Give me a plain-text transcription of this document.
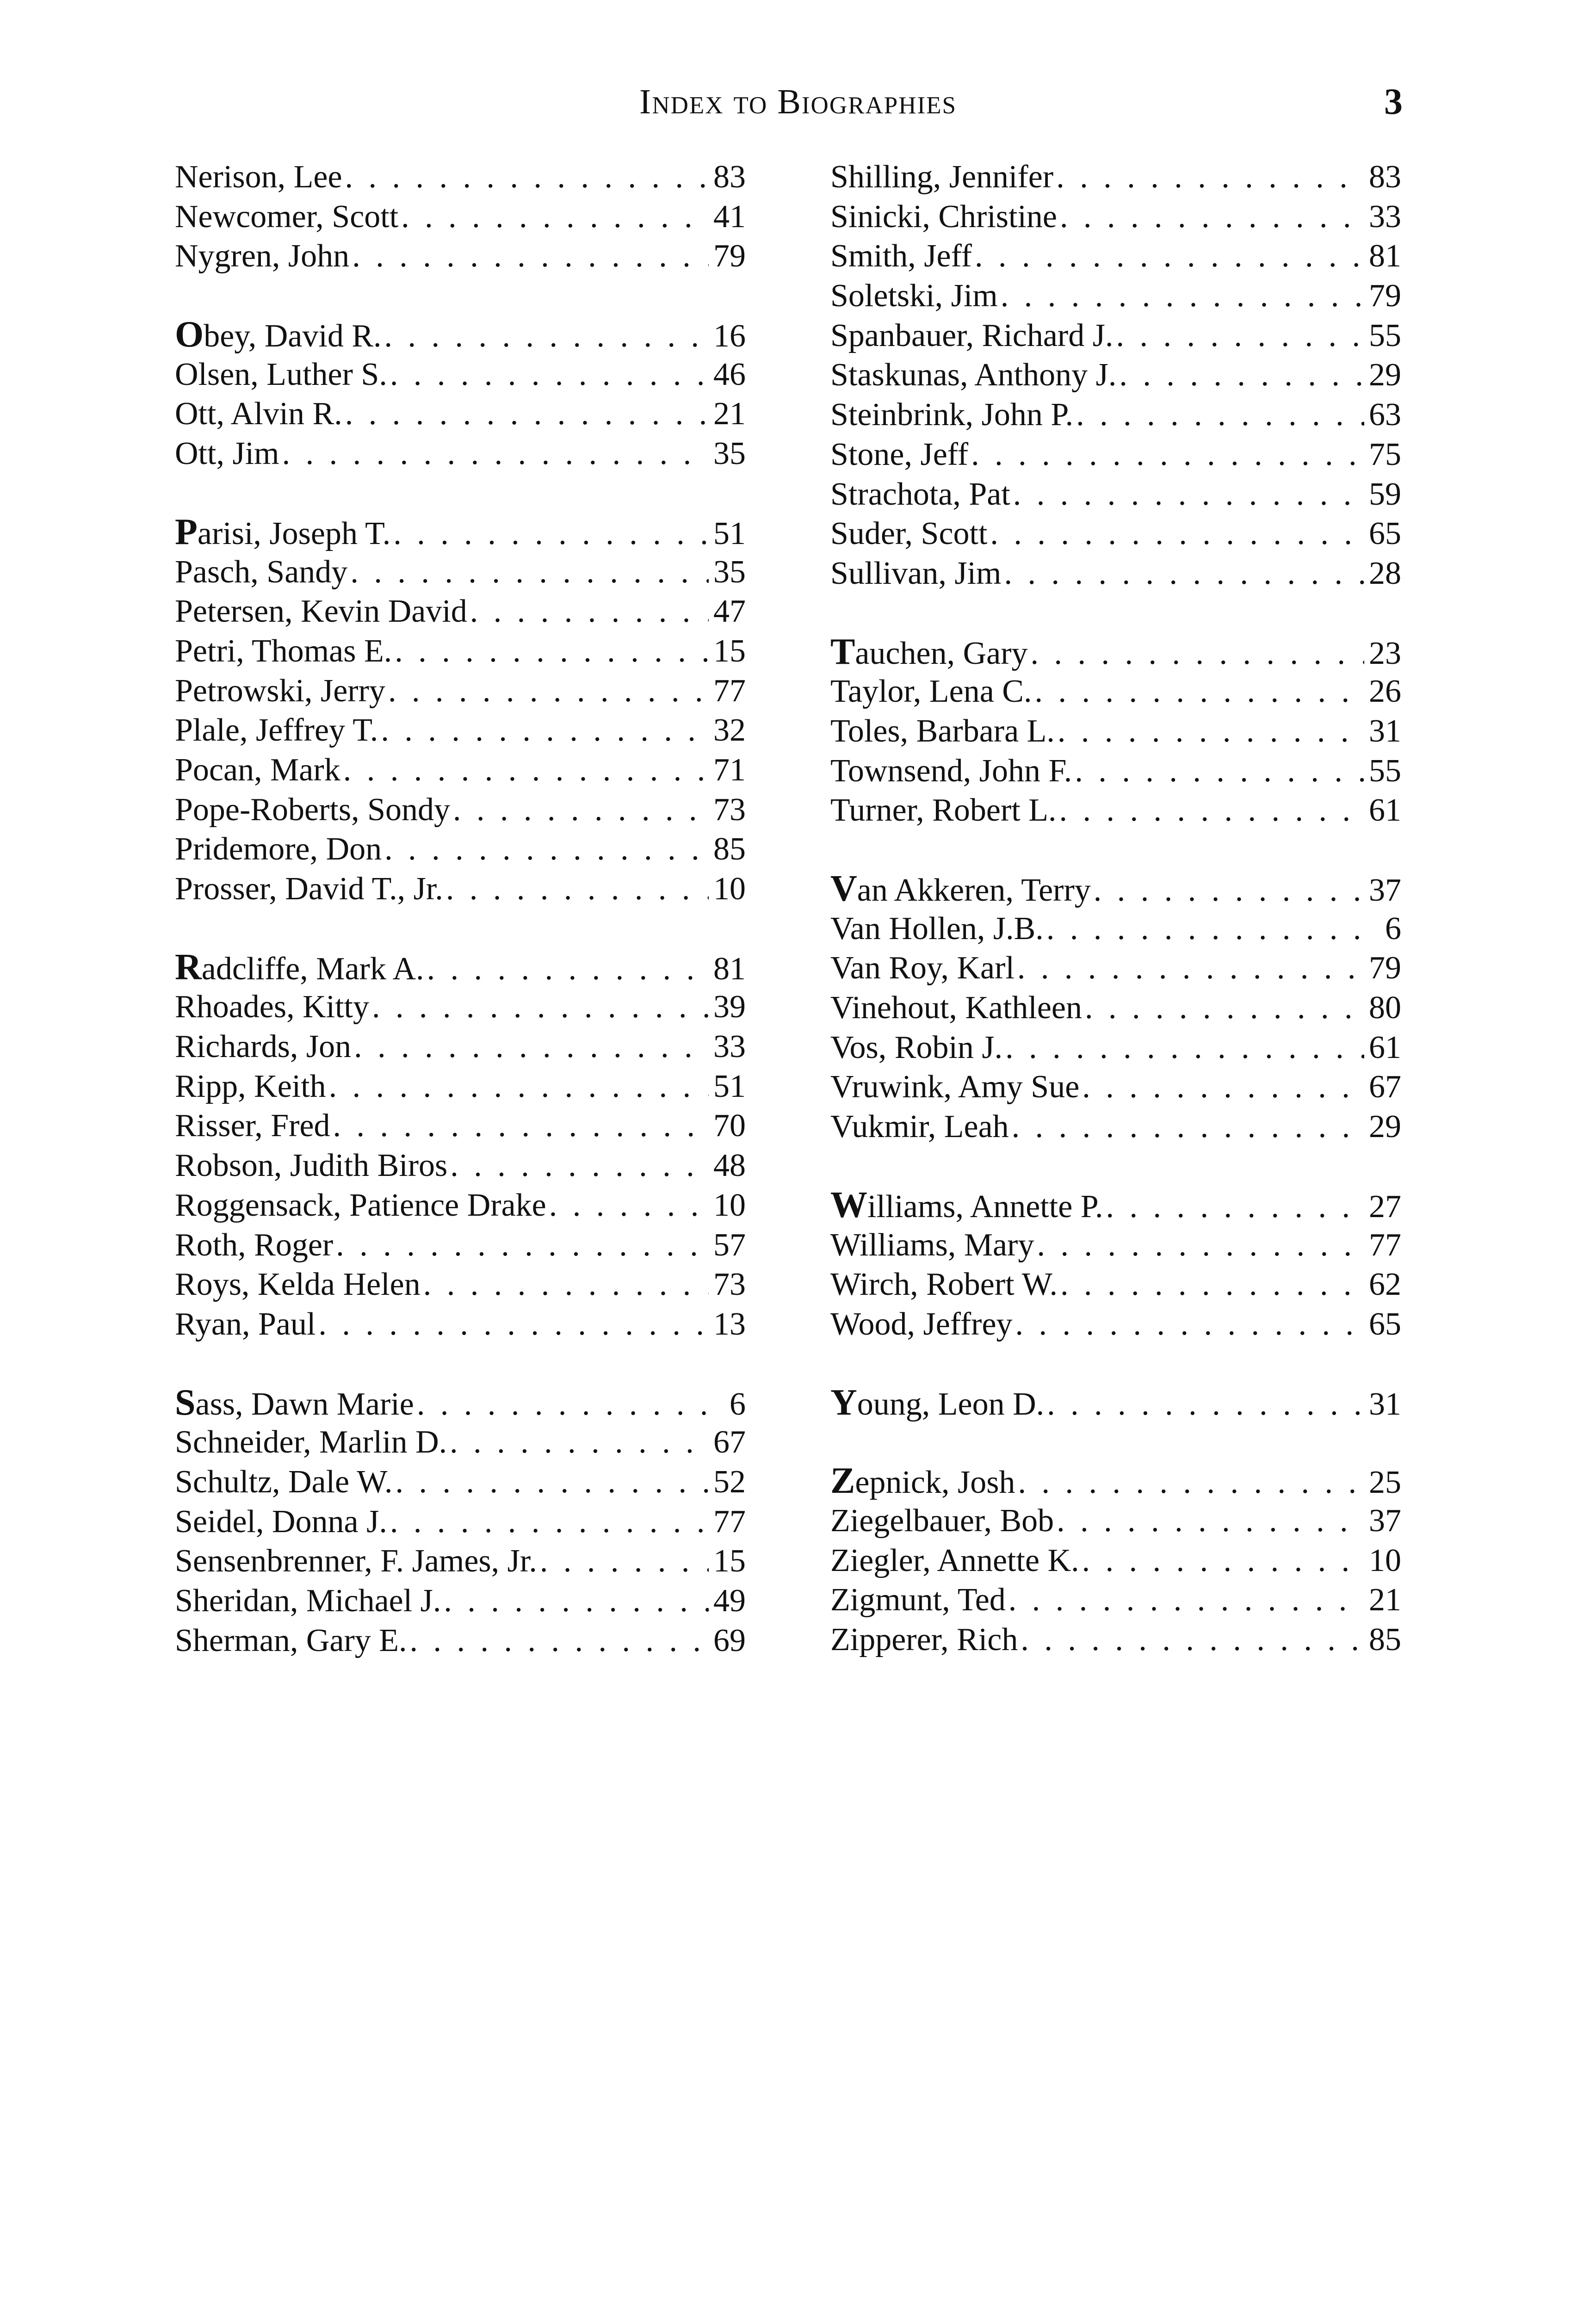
Index to Biographies	3
Nerison, Lee . . .	83
Newcomer, Scott . . .	41
Nygren, John . . .	79
Obey, David R. . . .	16
Olsen, Luther S. . . .	46
Ott, Alvin R. . . .	21
Ott, Jim . . .	35
Parisi, Joseph T. . . .	51
Pasch, Sandy . . .	35
Petersen, Kevin David . . .	47
Petri, Thomas E. . . .	15
Petrowski, Jerry . . .	77
Plale, Jeffrey T. . . .	32
Pocan, Mark . . .	71
Pope-Roberts, Sondy . . .	73
Pridemore, Don . . .	85
Prosser, David T., Jr. . . .	10
Radcliffe, Mark A. . . .	81
Rhoades, Kitty . . .	39
Richards, Jon . . .	33
Ripp, Keith . . .	51
Risser, Fred . . .	70
Robson, Judith Biros . . .	48
Roggensack, Patience Drake . . .	10
Roth, Roger . . .	57
Roys, Kelda Helen . . .	73
Ryan, Paul . . .	13
Sass, Dawn Marie . . .	6
Schneider, Marlin D. . . .	67
Schultz, Dale W. . . .	52
Seidel, Donna J. . . .	77
Sensenbrenner, F. James, Jr. . . .	15
Sheridan, Michael J. . . .	49
Sherman, Gary E. . . .	69
Shilling, Jennifer . . .	83
Sinicki, Christine . . .	33
Smith, Jeff . . .	81
Soletski, Jim . . .	79
Spanbauer, Richard J. . . .	55
Staskunas, Anthony J. . . .	29
Steinbrink, John P. . . .	63
Stone, Jeff . . .	75
Strachota, Pat . . .	59
Suder, Scott . . .	65
Sullivan, Jim . . .	28
Tauchen, Gary . . .	23
Taylor, Lena C. . . .	26
Toles, Barbara L. . . .	31
Townsend, John F. . . .	55
Turner, Robert L. . . .	61
Van Akkeren, Terry . . .	37
Van Hollen, J.B. . . .	6
Van Roy, Karl . . .	79
Vinehout, Kathleen . . .	80
Vos, Robin J. . . .	61
Vruwink, Amy Sue . . .	67
Vukmir, Leah . . .	29
Williams, Annette P. . . .	27
Williams, Mary . . .	77
Wirch, Robert W. . . .	62
Wood, Jeffrey . . .	65
Young, Leon D. . . .	31
Zepnick, Josh . . .	25
Ziegelbauer, Bob . . .	37
Ziegler, Annette K. . . .	10
Zigmunt, Ted . . .	21
Zipperer, Rich . . .	85
